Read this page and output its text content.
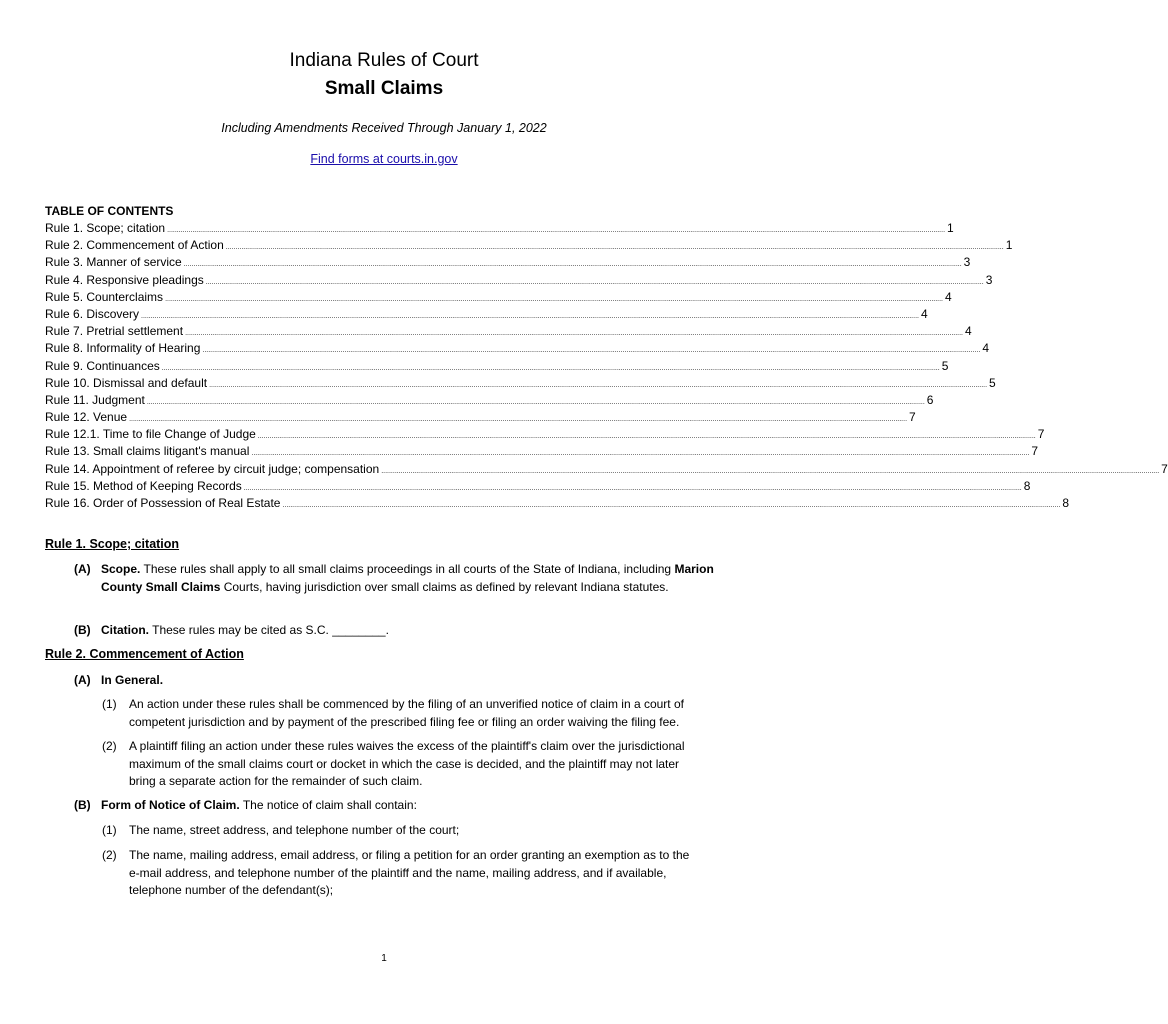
Indiana Rules of Court
Small Claims
Including Amendments Received Through January 1, 2022
Find forms at courts.in.gov
TABLE OF CONTENTS
Rule 1. Scope; citation ................................................................................................................................................................................................................................................................................................................................................................................................................ 1
Rule 2. Commencement of Action ................................................................................................................................................................................................................................................................................................................................................................................................................ 1
Rule 3. Manner of service ................................................................................................................................................................................................................................................................................................................................................................................................................ 3
Rule 4. Responsive pleadings ................................................................................................................................................................................................................................................................................................................................................................................................................ 3
Rule 5. Counterclaims ................................................................................................................................................................................................................................................................................................................................................................................................................ 4
Rule 6. Discovery ................................................................................................................................................................................................................................................................................................................................................................................................................ 4
Rule 7. Pretrial settlement ................................................................................................................................................................................................................................................................................................................................................................................................................ 4
Rule 8. Informality of Hearing ................................................................................................................................................................................................................................................................................................................................................................................................................ 4
Rule 9. Continuances ................................................................................................................................................................................................................................................................................................................................................................................................................ 5
Rule 10. Dismissal and default ................................................................................................................................................................................................................................................................................................................................................................................................................ 5
Rule 11. Judgment ................................................................................................................................................................................................................................................................................................................................................................................................................ 6
Rule 12. Venue ................................................................................................................................................................................................................................................................................................................................................................................................................ 7
Rule 12.1. Time to file Change of Judge ................................................................................................................................................................................................................................................................................................................................................................................................................ 7
Rule 13. Small claims litigant's manual ................................................................................................................................................................................................................................................................................................................................................................................................................ 7
Rule 14. Appointment of referee by circuit judge; compensation ................................................................................................................................................................................................................................................................................................................................................................................................................ 7
Rule 15. Method of Keeping Records ................................................................................................................................................................................................................................................................................................................................................................................................................ 8
Rule 16. Order of Possession of Real Estate ................................................................................................................................................................................................................................................................................................................................................................................................................ 8
Rule 1. Scope; citation
(A) Scope. These rules shall apply to all small claims proceedings in all courts of the State of Indiana, including Marion County Small Claims Courts, having jurisdiction over small claims as defined by relevant Indiana statutes.
(B) Citation. These rules may be cited as S.C. ________.
Rule 2. Commencement of Action
(A) In General.
(1) An action under these rules shall be commenced by the filing of an unverified notice of claim in a court of
competent jurisdiction and by payment of the prescribed filing fee or filing an order waiving the filing fee.
(2) A plaintiff filing an action under these rules waives the excess of the plaintiff's claim over the jurisdictional
maximum of the small claims court or docket in which the case is decided, and the plaintiff may not later
bring a separate action for the remainder of such claim.
(B) Form of Notice of Claim. The notice of claim shall contain:
(1) The name, street address, and telephone number of the court;
(2) The name, mailing address, email address, or filing a petition for an order granting an exemption as to the
e-mail address, and telephone number of the plaintiff and the name, mailing address, and if available,
telephone number of the defendant(s);
1
